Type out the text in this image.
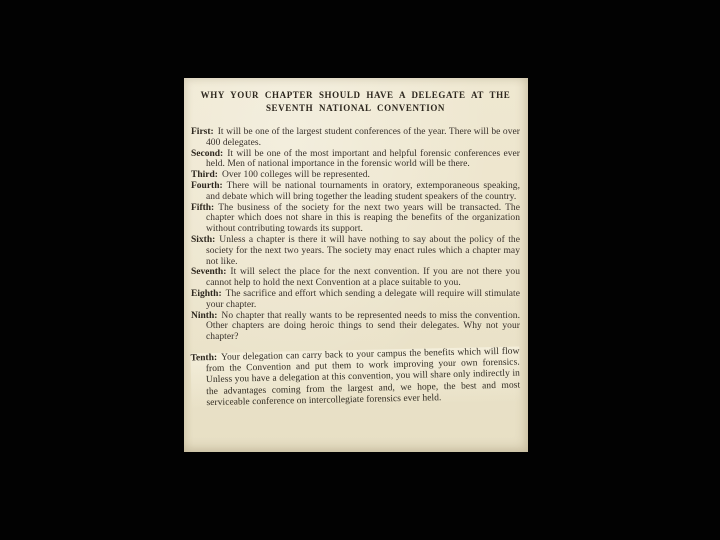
WHY YOUR CHAPTER SHOULD HAVE A DELEGATE AT THE
SEVENTH NATIONAL CONVENTION

First: It will be one of the largest student conferences of the year. There will be over 400 delegates.

Second: It will be one of the most important and helpful forensic conferences ever held. Men of national importance in the forensic world will be there.

Third: Over 100 colleges will be represented.

Fourth: There will be national tournaments in oratory, extemporaneous speaking, and debate which will bring together the leading student speakers of the country.

Fifth: The business of the society for the next two years will be transacted. The chapter which does not share in this is reaping the benefits of the organization without contributing towards its support.

Sixth: Unless a chapter is there it will have nothing to say about the policy of the society for the next two years. The society may enact rules which a chapter may not like.

Seventh: It will select the place for the next convention. If you are not there you cannot help to hold the next Convention at a place suitable to you.

Eighth: The sacrifice and effort which sending a delegate will require will stimulate your chapter.

Ninth: No chapter that really wants to be represented needs to miss the convention. Other chapters are doing heroic things to send their delegates. Why not your chapter?

Tenth: Your delegation can carry back to your campus the benefits which will flow from the Convention and put them to work improving your own forensics. Unless you have a delegation at this convention, you will share only indirectly in the advantages coming from the largest and, we hope, the best and most serviceable conference on intercollegiate forensics ever held.
